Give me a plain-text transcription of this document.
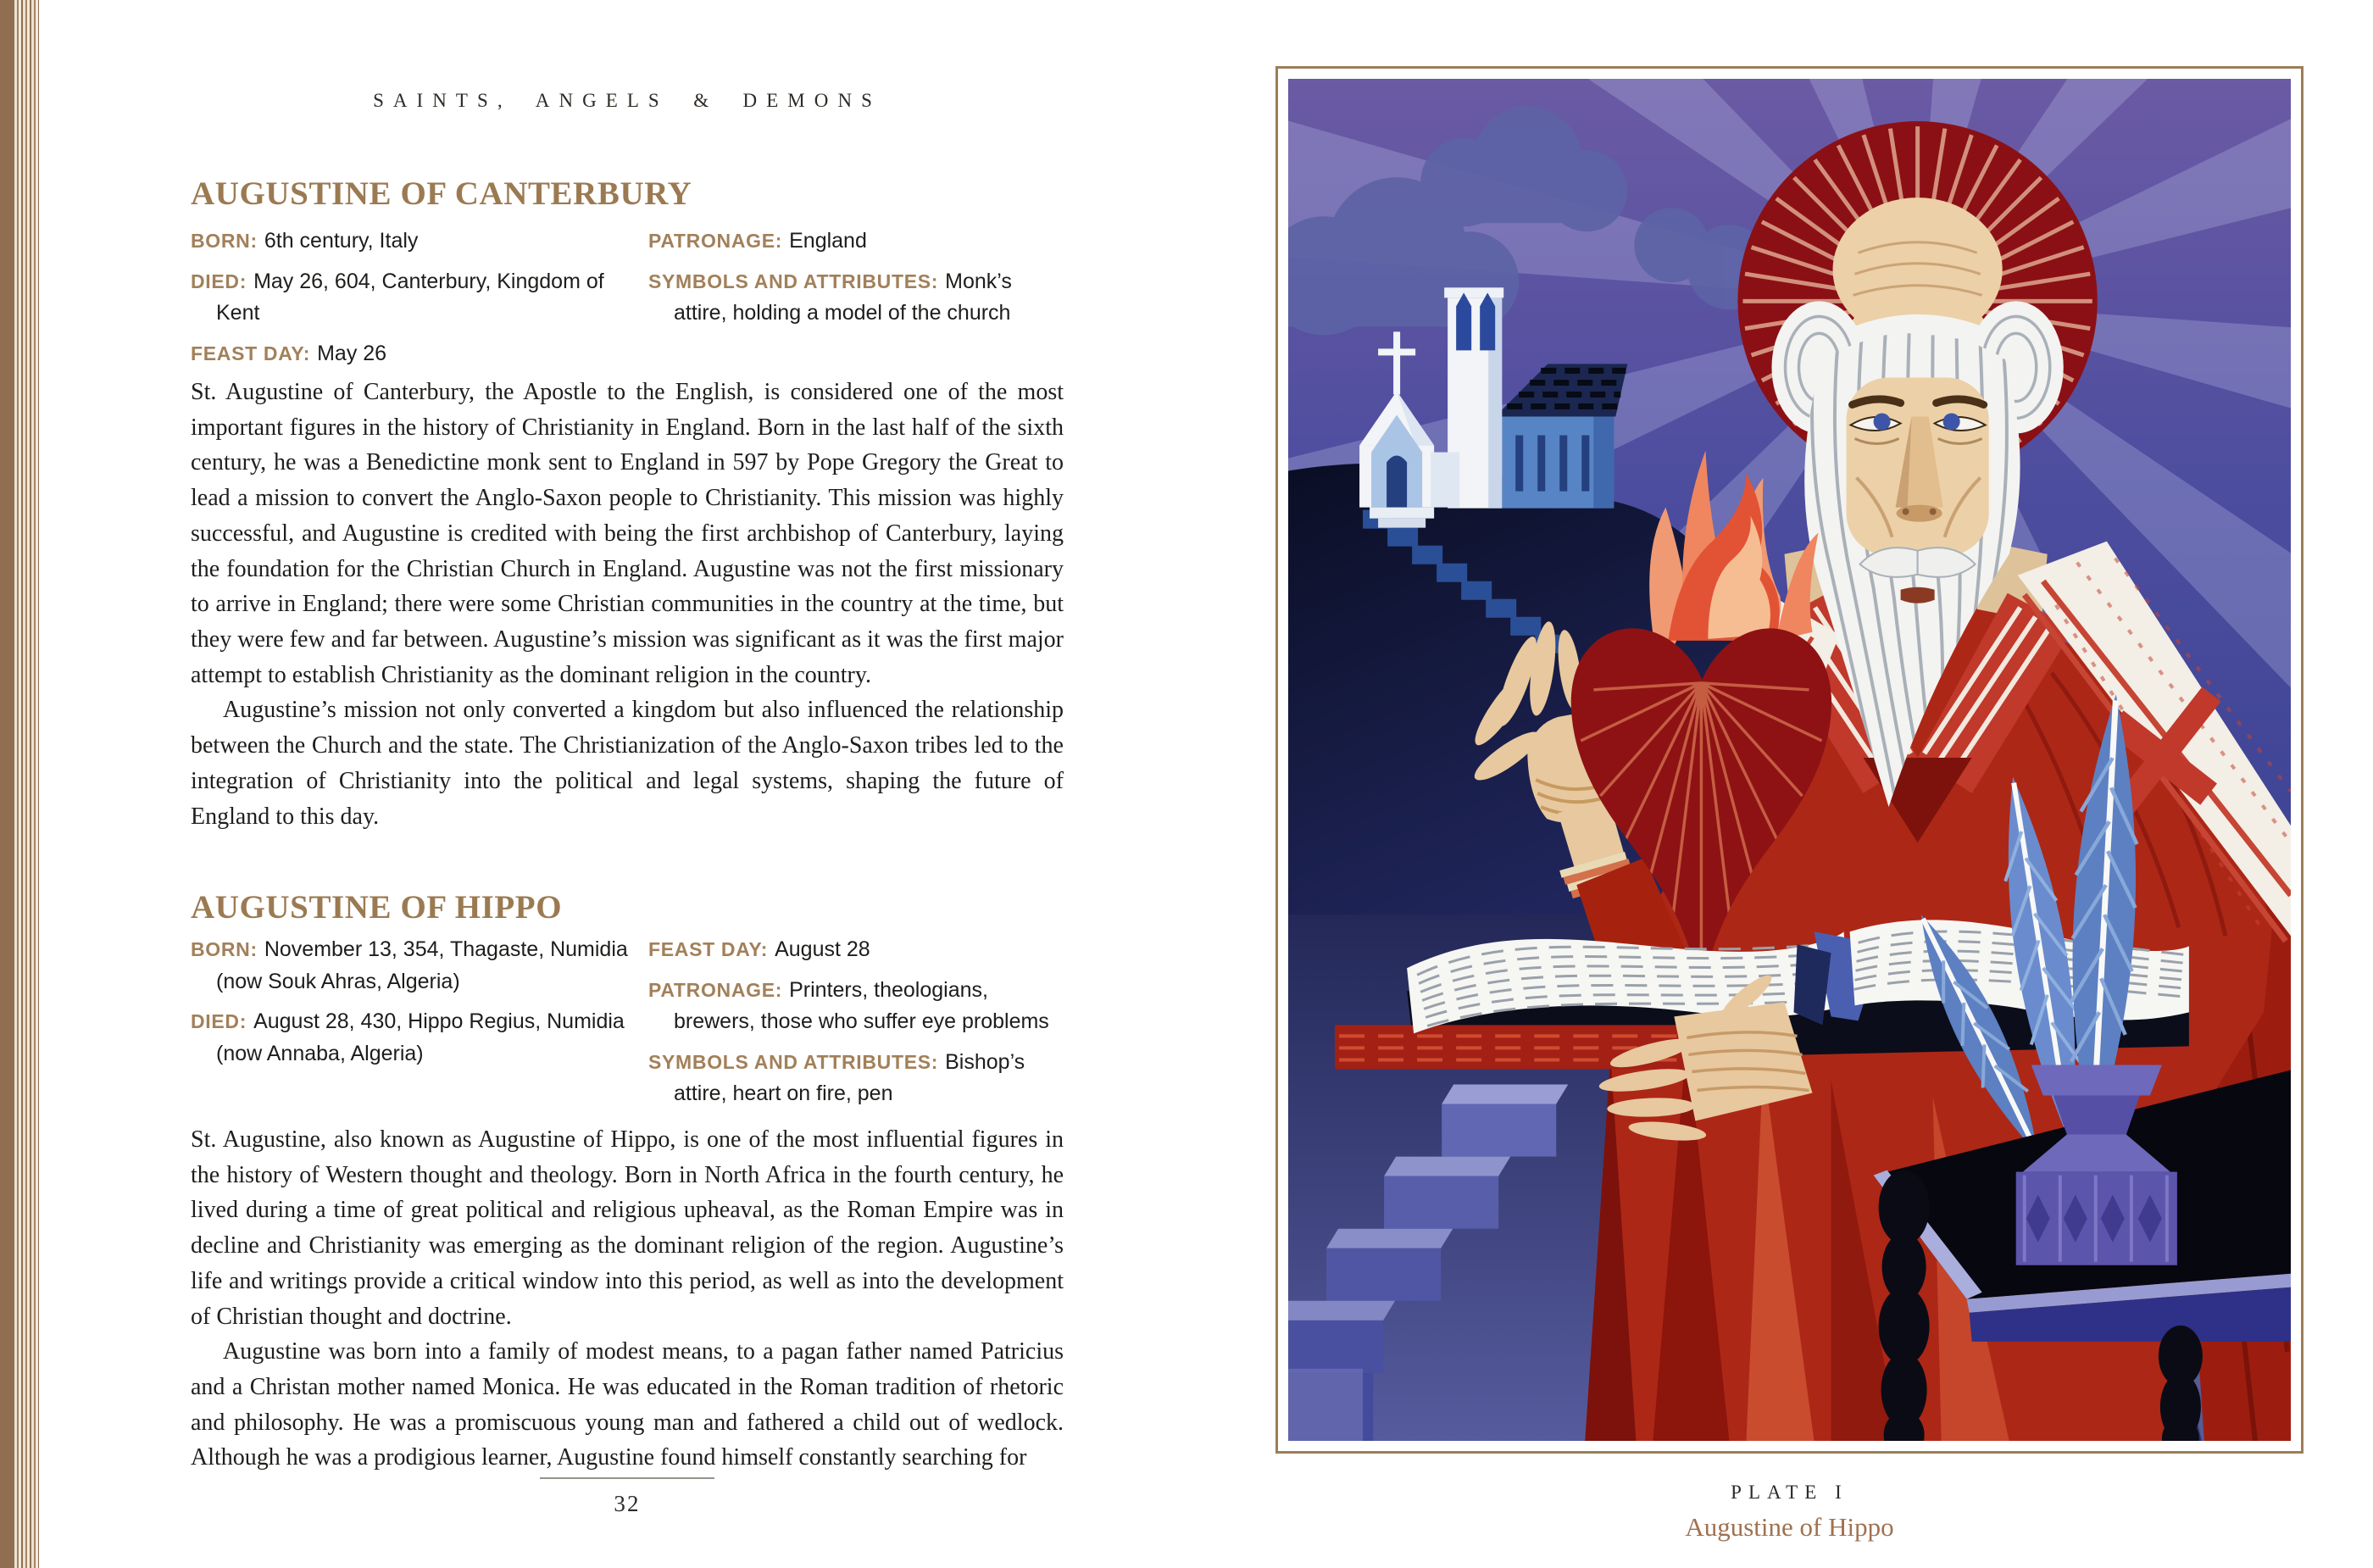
SAINTS, ANGELS & DEMONS
AUGUSTINE OF CANTERBURY

BORN: 6th century, Italy

DIED: May 26, 604, Canterbury, Kingdom of Kent

FEAST DAY: May 26

PATRONAGE: England

SYMBOLS AND ATTRIBUTES: Monk’s attire, holding a model of the church

St. Augustine of Canterbury, the Apostle to the English, is considered one of the most important figures in the history of Christianity in England. Born in the last half of the sixth century, he was a Benedictine monk sent to England in 597 by Pope Gregory the Great to lead a mission to convert the Anglo-Saxon people to Christianity. This mission was highly successful, and Augustine is credited with being the first archbishop of Canterbury, laying the foundation for the Christian Church in England. Augustine was not the first missionary to arrive in England; there were some Christian communities in the country at the time, but they were few and far between. Augustine’s mission was significant as it was the first major attempt to establish Christianity as the dominant religion in the country.

Augustine’s mission not only converted a kingdom but also influenced the relationship between the Church and the state. The Christianization of the Anglo-Saxon tribes led to the integration of Christianity into the political and legal systems, shaping the future of England to this day.

AUGUSTINE OF HIPPO

BORN: November 13, 354, Thagaste, Numidia (now Souk Ahras, Algeria)

DIED: August 28, 430, Hippo Regius, Numidia (now Annaba, Algeria)

FEAST DAY: August 28

PATRONAGE: Printers, theologians, brewers, those who suffer eye problems

SYMBOLS AND ATTRIBUTES: Bishop’s attire, heart on fire, pen

St. Augustine, also known as Augustine of Hippo, is one of the most influential figures in the history of Western thought and theology. Born in North Africa in the fourth century, he lived during a time of great political and religious upheaval, as the Roman Empire was in decline and Christianity was emerging as the dominant religion of the region. Augustine’s life and writings provide a critical window into this period, as well as into the development of Christian thought and doctrine.

Augustine was born into a family of modest means, to a pagan father named Patricius and a Christan mother named Monica. He was educated in the Roman tradition of rhetoric and philosophy. He was a promiscuous young man and fathered a child out of wedlock. Although he was a prodigious learner, Augustine found himself constantly searching for

32	PLATE I
Augustine of Hippo
